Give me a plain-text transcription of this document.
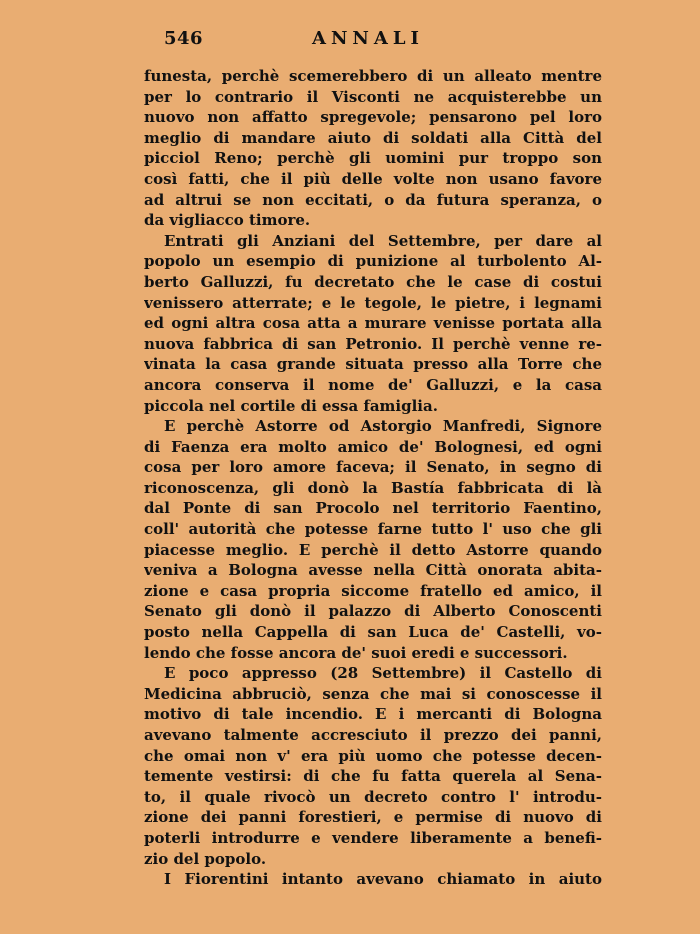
546	ANNALI
funesta, perchè scemerebbero di un alleato mentre
per lo contrario il Visconti ne acquisterebbe un
nuovo non affatto spregevole; pensarono pel loro
meglio di mandare aiuto di soldati alla Città del
picciol Reno; perchè gli uomini pur troppo son
così fatti, che il più delle volte non usano favore
ad altrui se non eccitati, o da futura speranza, o
da vigliacco timore.
Entrati gli Anziani del Settembre, per dare al
popolo un esempio di punizione al turbolento Al-
berto Galluzzi, fu decretato che le case di costui
venissero atterrate; e le tegole, le pietre, i legnami
ed ogni altra cosa atta a murare venisse portata alla
nuova fabbrica di san Petronio. Il perchè venne re-
vinata la casa grande situata presso alla Torre che
ancora conserva il nome de' Galluzzi, e la casa
piccola nel cortile di essa famiglia.
E perchè Astorre od Astorgio Manfredi, Signore
di Faenza era molto amico de' Bolognesi, ed ogni
cosa per loro amore faceva; il Senato, in segno di
riconoscenza, gli donò la Bastía fabbricata di là
dal Ponte di san Procolo nel territorio Faentino,
coll' autorità che potesse farne tutto l' uso che gli
piacesse meglio. E perchè il detto Astorre quando
veniva a Bologna avesse nella Città onorata abita-
zione e casa propria siccome fratello ed amico, il
Senato gli donò il palazzo di Alberto Conoscenti
posto nella Cappella di san Luca de' Castelli, vo-
lendo che fosse ancora de' suoi eredi e successori.
E poco appresso (28 Settembre) il Castello di
Medicina abbruciò, senza che mai si conoscesse il
motivo di tale incendio. E i mercanti di Bologna
avevano talmente accresciuto il prezzo dei panni,
che omai non v' era più uomo che potesse decen-
temente vestirsi: di che fu fatta querela al Sena-
to, il quale rivocò un decreto contro l' introdu-
zione dei panni forestieri, e permise di nuovo di
poterli introdurre e vendere liberamente a benefi-
zio del popolo.
I Fiorentini intanto avevano chiamato in aiuto
